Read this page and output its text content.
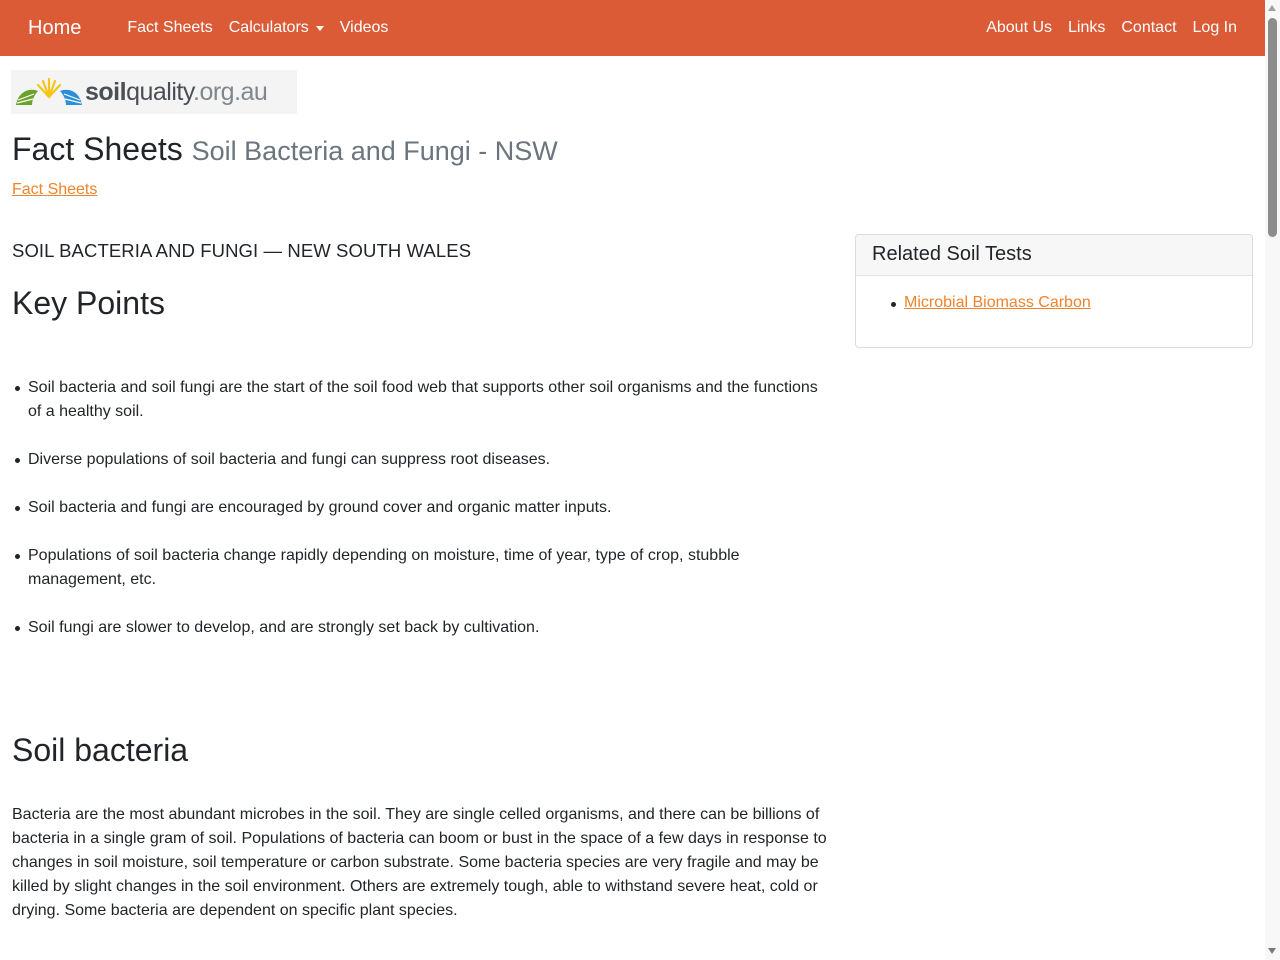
Home	Fact Sheets	Calculators	Videos	About Us	Links	Contact	Log In
soilquality.org.au
Fact Sheets Soil Bacteria and Fungi - NSW
Fact Sheets
SOIL BACTERIA AND FUNGI — NEW SOUTH WALES
Key Points
Soil bacteria and soil fungi are the start of the soil food web that supports other soil organisms and the functions of a healthy soil.
Diverse populations of soil bacteria and fungi can suppress root diseases.
Soil bacteria and fungi are encouraged by ground cover and organic matter inputs.
Populations of soil bacteria change rapidly depending on moisture, time of year, type of crop, stubble management, etc.
Soil fungi are slower to develop, and are strongly set back by cultivation.
Soil bacteria

Bacteria are the most abundant microbes in the soil. They are single celled organisms, and there can be billions of bacteria in a single gram of soil. Populations of bacteria can boom or bust in the space of a few days in response to changes in soil moisture, soil temperature or carbon substrate. Some bacteria species are very fragile and may be killed by slight changes in the soil environment. Others are extremely tough, able to withstand severe heat, cold or drying. Some bacteria are dependent on specific plant species.

Related Soil Tests
Microbial Biomass Carbon
